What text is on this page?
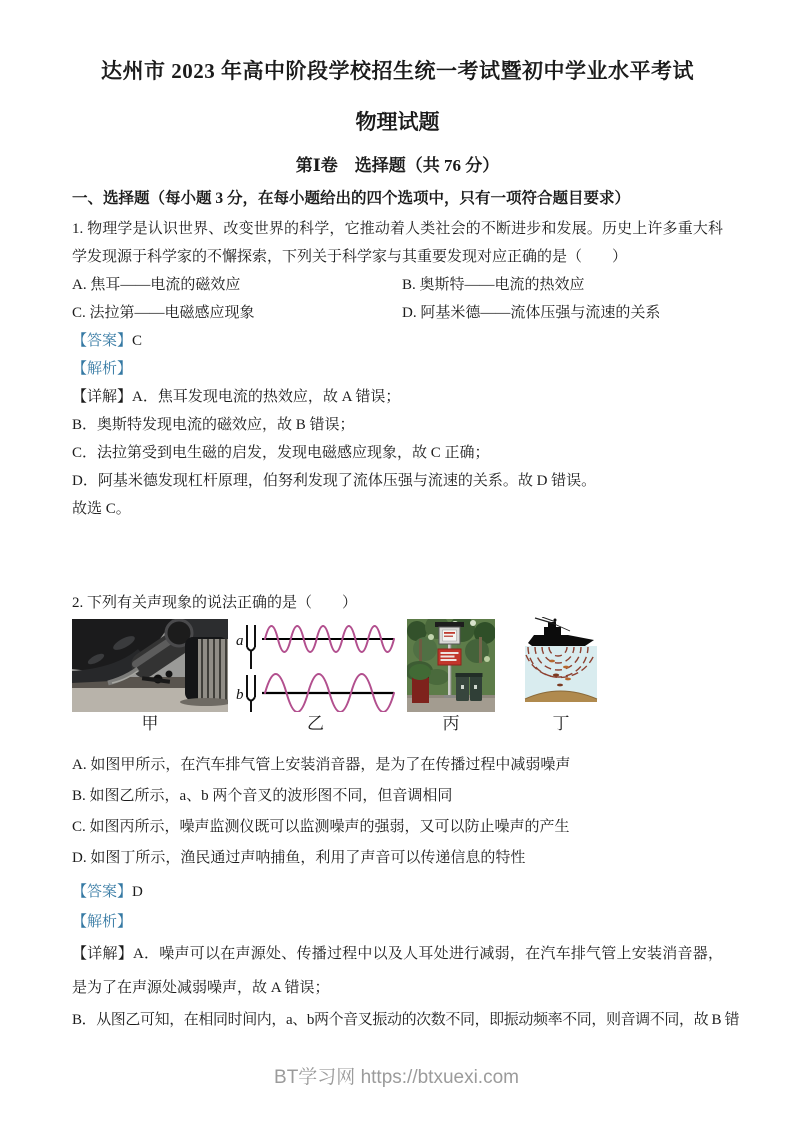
达州市 2023 年高中阶段学校招生统一考试暨初中学业水平考试
物理试题
第Ⅰ卷　选择题（共 76 分）

一、选择题（每小题 3 分，在每小题给出的四个选项中，只有一项符合题目要求）

1. 物理学是认识世界、改变世界的科学，它推动着人类社会的不断进步和发展。历史上许多重大科学发现源于科学家的不懈探索，下列关于科学家与其重要发现对应正确的是（　　）

A. 焦耳——电流的磁效应	B. 奥斯特——电流的热效应
C. 法拉第——电磁感应现象	D. 阿基米德——流体压强与流速的关系

【答案】C

【解析】

【详解】A．焦耳发现电流的热效应，故 A 错误；

B．奥斯特发现电流的磁效应，故 B 错误；

C．法拉第受到电生磁的启发，发现电磁感应现象，故 C 正确；

D．阿基米德发现杠杆原理，伯努利发现了流体压强与流速的关系。故 D 错误。

故选 C。

2. 下列有关声现象的说法正确的是（　　）

甲
a
b
乙	丙	丁

A. 如图甲所示，在汽车排气管上安装消音器，是为了在传播过程中减弱噪声

B. 如图乙所示，a、b 两个音叉的波形图不同，但音调相同

C. 如图丙所示，噪声监测仪既可以监测噪声的强弱，又可以防止噪声的产生

D. 如图丁所示，渔民通过声呐捕鱼，利用了声音可以传递信息的特性

【答案】D

【解析】

【详解】A．噪声可以在声源处、传播过程中以及人耳处进行减弱，在汽车排气管上安装消音器，是为了在声源处减弱噪声，故 A 错误；

B．从图乙可知，在相同时间内，a、b两个音叉振动的次数不同，即振动频率不同，则音调不同，故 B 错

BT学习网 https://btxuexi.com
